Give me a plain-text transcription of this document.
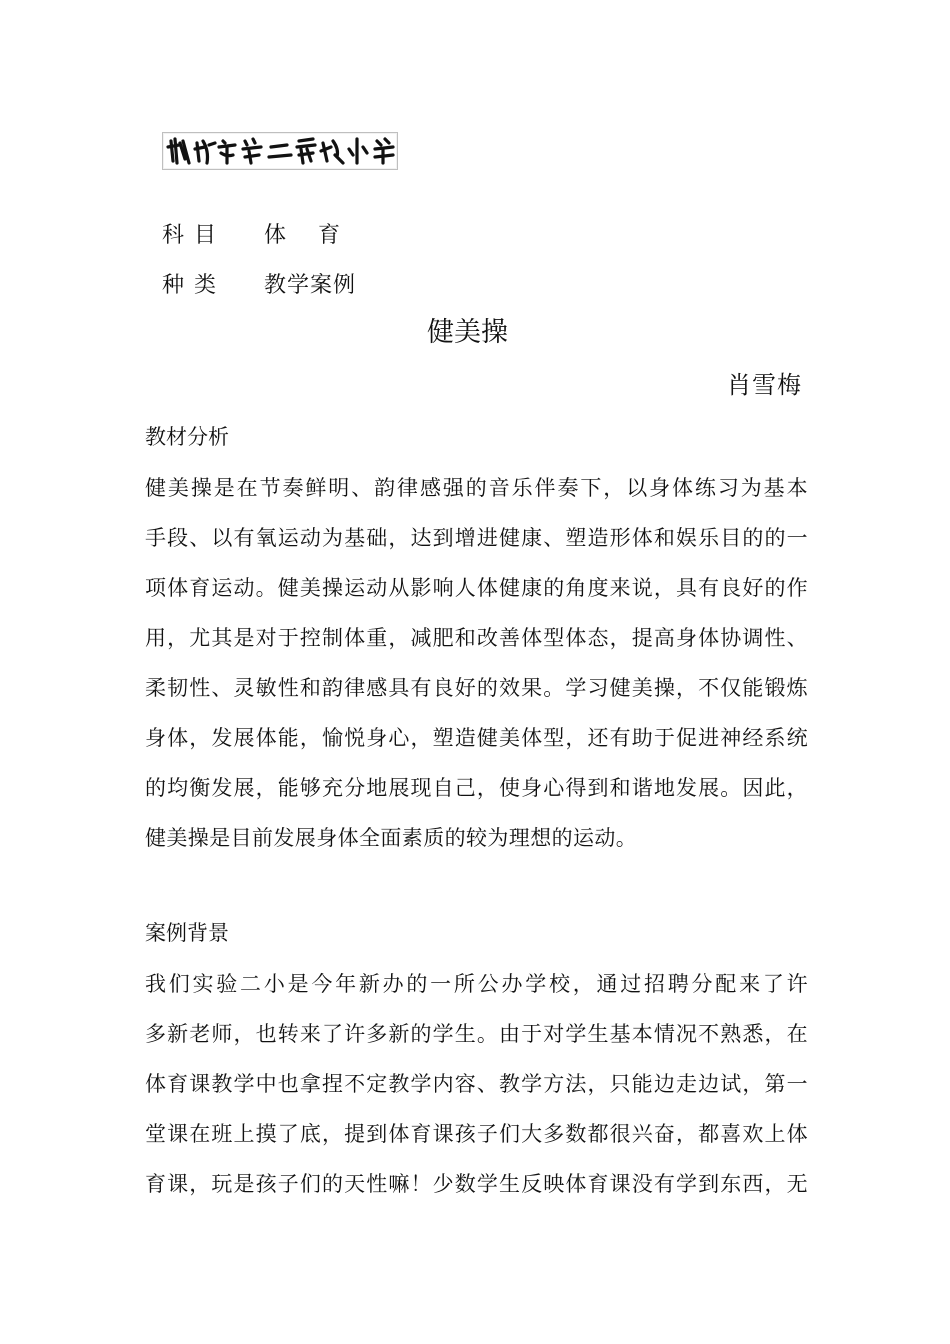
科目 体育
种类 教学案例
健美操
肖雪梅
教材分析
健美操是在节奏鲜明、韵律感强的音乐伴奏下，以身体练习为基本
手段、以有氧运动为基础，达到增进健康、塑造形体和娱乐目的的一
项体育运动。健美操运动从影响人体健康的角度来说，具有良好的作
用，尤其是对于控制体重，减肥和改善体型体态，提高身体协调性、
柔韧性、灵敏性和韵律感具有良好的效果。学习健美操，不仅能锻炼
身体，发展体能，愉悦身心，塑造健美体型，还有助于促进神经系统
的均衡发展，能够充分地展现自己，使身心得到和谐地发展。因此，
健美操是目前发展身体全面素质的较为理想的运动。
案例背景
我们实验二小是今年新办的一所公办学校，通过招聘分配来了许
多新老师，也转来了许多新的学生。由于对学生基本情况不熟悉，在
体育课教学中也拿捏不定教学内容、教学方法，只能边走边试，第一
堂课在班上摸了底，提到体育课孩子们大多数都很兴奋，都喜欢上体
育课，玩是孩子们的天性嘛！少数学生反映体育课没有学到东西，无
